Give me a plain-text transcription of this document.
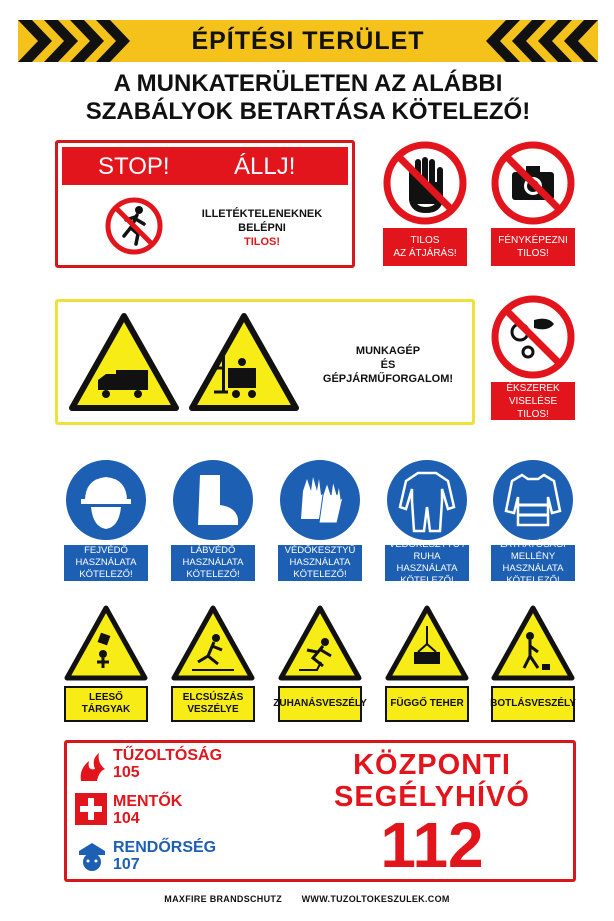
ÉPÍTÉSI TERÜLET
A MUNKATERÜLETEN AZ ALÁBBI
SZABÁLYOK BETARTÁSA KÖTELEZŐ!
STOP!	ÁLLJ!
ILLETÉKTELENEKNEK
BELÉPNI
TILOS!	TILOS
AZ ÁTJÁRÁS!
FÉNYKÉPEZNI
TILOS!
MUNKAGÉP
ÉS
GÉPJÁRMŰFORGALOM!
ÉKSZEREK VISELÉSE
TILOS!
FEJVÉDŐ HASZNÁLATA
KÖTELEZŐ!
LÁBVÉDŐ HASZNÁLATA
KÖTELEZŐ!
VÉDŐKESZTYŰ
HASZNÁLATA KÖTELEZŐ!
VÉDŐKESZTYŰ / RUHA
HASZNÁLATA KÖTELEZŐ!
LÁTHATÓSÁGI MELLÉNY
HASZNÁLATA KÖTELEZŐ!
LEESŐ
TÁRGYAK
ELCSÚSZÁS
VESZÉLYE
ZUHANÁSVESZÉLY FÜGGŐ TEHER	BOTLÁSVESZÉLY
TŰZOLTÓSÁG
105
MENTŐK
104
RENDŐRSÉG
107
KÖZPONTI
SEGÉLYHÍVÓ
112
MAXFIRE BRANDSCHUTZ WWW.TUZOLTOKESZULEK.COM
